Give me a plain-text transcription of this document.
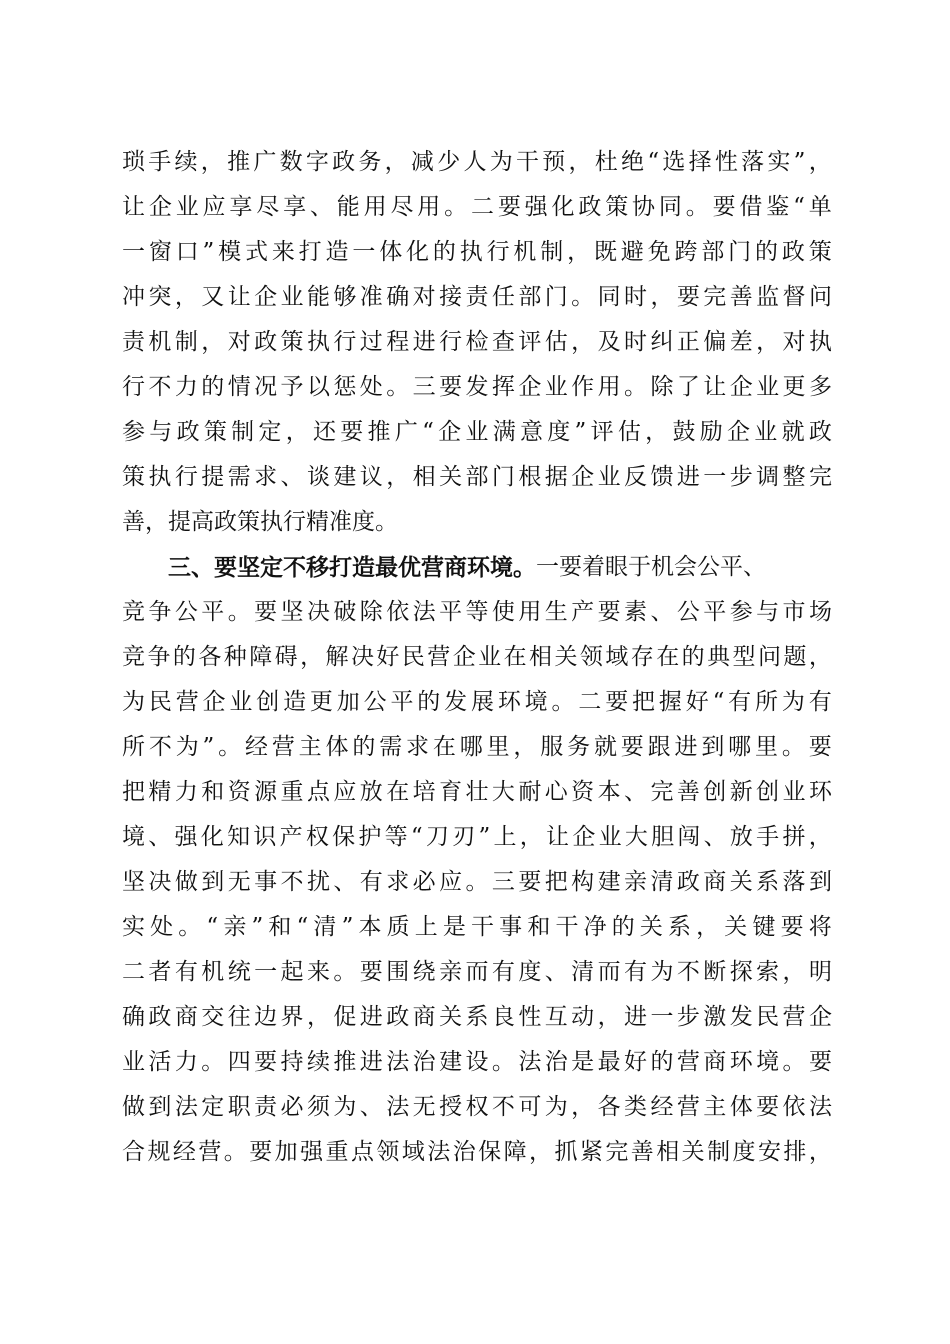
琐 手 续 ， 推 广 数 字 政 务 ， 减 少 人 为 干 预 ， 杜 绝 “ 选 择 性 落 实 ” ，
让 企 业 应 享 尽 享 、 能 用 尽 用 。 二 要 强 化 政 策 协 同 。 要 借 鉴 “ 单
一 窗 口 ” 模 式 来 打 造 一 体 化 的 执 行 机 制 ， 既 避 免 跨 部 门 的 政 策
冲 突 ， 又 让 企 业 能 够 准 确 对 接 责 任 部 门 。 同 时 ， 要 完 善 监 督 问
责 机 制 ， 对 政 策 执 行 过 程 进 行 检 查 评 估 ， 及 时 纠 正 偏 差 ， 对 执
行 不 力 的 情 况 予 以 惩 处 。 三 要 发 挥 企 业 作 用 。 除 了 让 企 业 更 多
参 与 政 策 制 定 ， 还 要 推 广 “ 企 业 满 意 度 ” 评 估 ， 鼓 励 企 业 就 政
策 执 行 提 需 求 、 谈 建 议 ， 相 关 部 门 根 据 企 业 反 馈 进 一 步 调 整 完
善，提高政策执行精准度。
三、要坚定不移打造最优营商环境。 一要着眼于机会公平、
竞 争 公 平 。 要 坚 决 破 除 依 法 平 等 使 用 生 产 要 素 、 公 平 参 与 市 场
竞 争 的 各 种 障 碍 ， 解 决 好 民 营 企 业 在 相 关 领 域 存 在 的 典 型 问 题 ，
为 民 营 企 业 创 造 更 加 公 平 的 发 展 环 境 。 二 要 把 握 好 “ 有 所 为 有
所 不 为 ” 。 经 营 主 体 的 需 求 在 哪 里 ， 服 务 就 要 跟 进 到 哪 里 。 要
把 精 力 和 资 源 重 点 应 放 在 培 育 壮 大 耐 心 资 本 、 完 善 创 新 创 业 环
境 、 强 化 知 识 产 权 保 护 等 “ 刀 刃 ” 上 ， 让 企 业 大 胆 闯 、 放 手 拼 ，
坚 决 做 到 无 事 不 扰 、 有 求 必 应 。 三 要 把 构 建 亲 清 政 商 关 系 落 到
实 处 。 “ 亲 ” 和 “ 清 ” 本 质 上 是 干 事 和 干 净 的 关 系 ， 关 键 要 将
二 者 有 机 统 一 起 来 。 要 围 绕 亲 而 有 度 、 清 而 有 为 不 断 探 索 ， 明
确 政 商 交 往 边 界 ， 促 进 政 商 关 系 良 性 互 动 ， 进 一 步 激 发 民 营 企
业 活 力 。 四 要 持 续 推 进 法 治 建 设 。 法 治 是 最 好 的 营 商 环 境 。 要
做 到 法 定 职 责 必 须 为 、 法 无 授 权 不 可 为 ， 各 类 经 营 主 体 要 依 法
合 规 经 营 。 要 加 强 重 点 领 域 法 治 保 障 ， 抓 紧 完 善 相 关 制 度 安 排 ，
